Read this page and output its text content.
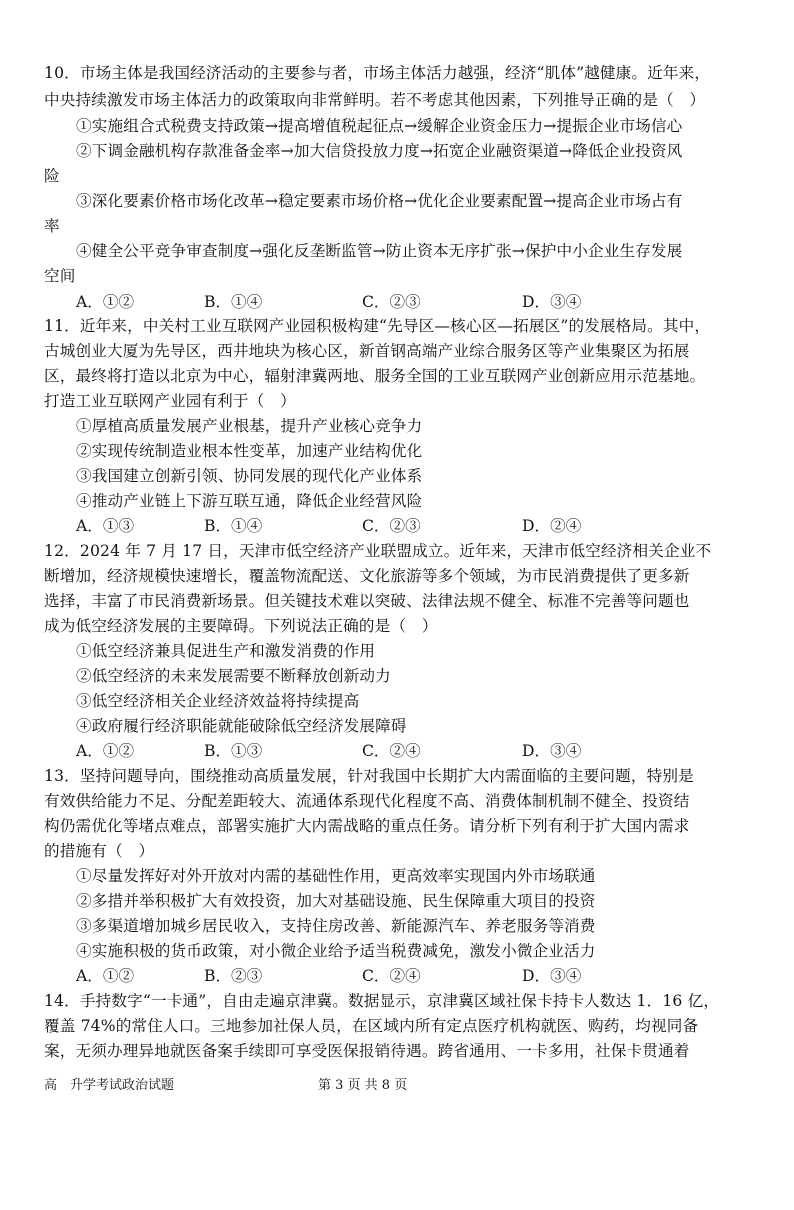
10．市场主体是我国经济活动的主要参与者，市场主体活力越强，经济“肌体”越健康。近年来，
中央持续激发市场主体活力的政策取向非常鲜明。若不考虑其他因素，下列推导正确的是（　）
①实施组合式税费支持政策→提高增值税起征点→缓解企业资金压力→提振企业市场信心
②下调金融机构存款准备金率→加大信贷投放力度→拓宽企业融资渠道→降低企业投资风
险
③深化要素价格市场化改革→稳定要素市场价格→优化企业要素配置→提高企业市场占有
率
④健全公平竞争审查制度→强化反垄断监管→防止资本无序扩张→保护中小企业生存发展
空间
A．①②	B．①④	C．②③	D．③④
11．近年来，中关村工业互联网产业园积极构建“先导区—核心区—拓展区”的发展格局。其中，
古城创业大厦为先导区，西井地块为核心区，新首钢高端产业综合服务区等产业集聚区为拓展
区，最终将打造以北京为中心，辐射津冀两地、服务全国的工业互联网产业创新应用示范基地。
打造工业互联网产业园有利于（　）
①厚植高质量发展产业根基，提升产业核心竞争力
②实现传统制造业根本性变革，加速产业结构优化
③我国建立创新引领、协同发展的现代化产业体系
④推动产业链上下游互联互通，降低企业经营风险
A．①③	B．①④	C．②③	D．②④
12．2024 年 7 月 17 日，天津市低空经济产业联盟成立。近年来，天津市低空经济相关企业不
断增加，经济规模快速增长，覆盖物流配送、文化旅游等多个领域，为市民消费提供了更多新
选择，丰富了市民消费新场景。但关键技术难以突破、法律法规不健全、标准不完善等问题也
成为低空经济发展的主要障碍。下列说法正确的是（　）
①低空经济兼具促进生产和激发消费的作用
②低空经济的未来发展需要不断释放创新动力
③低空经济相关企业经济效益将持续提高
④政府履行经济职能就能破除低空经济发展障碍
A．①②	B．①③	C．②④	D．③④
13．坚持问题导向，围绕推动高质量发展，针对我国中长期扩大内需面临的主要问题，特别是
有效供给能力不足、分配差距较大、流通体系现代化程度不高、消费体制机制不健全、投资结
构仍需优化等堵点难点，部署实施扩大内需战略的重点任务。请分析下列有利于扩大国内需求
的措施有（　）
①尽量发挥好对外开放对内需的基础性作用，更高效率实现国内外市场联通
②多措并举积极扩大有效投资，加大对基础设施、民生保障重大项目的投资
③多渠道增加城乡居民收入，支持住房改善、新能源汽车、养老服务等消费
④实施积极的货币政策，对小微企业给予适当税费减免，激发小微企业活力
A．①②	B．②③	C．②④	D．③④
14．手持数字“一卡通”，自由走遍京津冀。数据显示，京津冀区域社保卡持卡人数达 1．16 亿，
覆盖 74%的常住人口。三地参加社保人员，在区域内所有定点医疗机构就医、购药，均视同备
案，无须办理异地就医备案手续即可享受医保报销待遇。跨省通用、一卡多用，社保卡贯通着
高　升学考试政治试题	第 3 页 共 8 页
